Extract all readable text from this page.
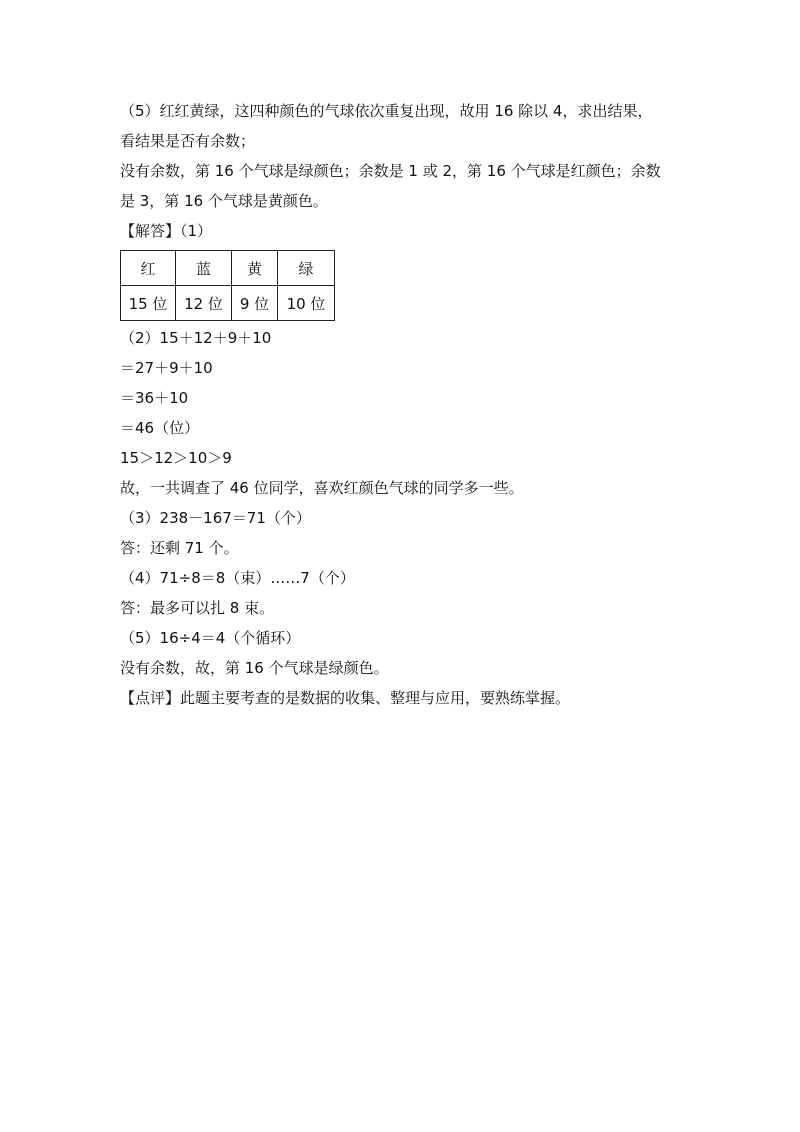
（5）红红黄绿，这四种颜色的气球依次重复出现，故用 16 除以 4，求出结果，
看结果是否有余数；
没有余数，第 16 个气球是绿颜色；余数是 1 或 2，第 16 个气球是红颜色；余数
是 3，第 16 个气球是黄颜色。
【解答】（1）
红	蓝	黄	绿
15 位	12 位	9 位	10 位
（2）15＋12＋9＋10
＝27＋9＋10
＝36＋10
＝46（位）
15＞12＞10＞9
故，一共调查了 46 位同学，喜欢红颜色气球的同学多一些。
（3）238－167＝71（个）
答：还剩 71 个。
（4）71÷8＝8（束）……7（个）
答：最多可以扎 8 束。
（5）16÷4＝4（个循环）
没有余数，故，第 16 个气球是绿颜色。
【点评】此题主要考查的是数据的收集、整理与应用，要熟练掌握。
